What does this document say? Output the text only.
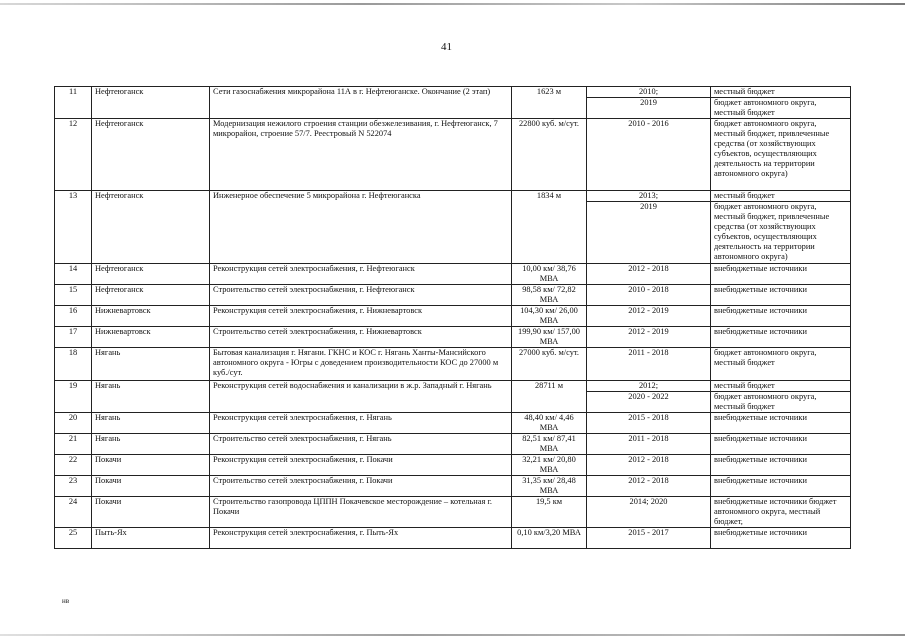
41
11	Нефтеюганск	Сети газоснабжения микрорайона 11А в г. Нефтеюганске. Окончание (2 этап)	1623 м	2010;	местный бюджет
				2019	бюджет автономного округа, местный бюджет
12	Нефтеюганск	Модернизация нежилого строения станции обезжелезивания, г. Нефтеюганск, 7 микрорайон, строение 57/7. Реестровый N 522074	22800 куб. м/сут.	2010 - 2016	бюджет автономного округа, местный бюджет, привлеченные средства (от хозяйствующих субъектов, осуществляющих деятельность на территории автономного округа)
13	Нефтеюганск	Инженерное обеспечение 5 микрорайона г. Нефтеюганска	1834 м	2013;	местный бюджет
				2019	бюджет автономного округа, местный бюджет, привлеченные средства (от хозяйствующих субъектов, осуществляющих деятельность на территории автономного округа)
14	Нефтеюганск	Реконструкция сетей электроснабжения, г. Нефтеюганск	10,00 км/ 38,76 МВА	2012 - 2018	внебюджетные источники
15	Нефтеюганск	Строительство сетей электроснабжения, г. Нефтеюганск	98,58 км/ 72,82 МВА	2010 - 2018	внебюджетные источники
16	Нижневартовск	Реконструкция сетей электроснабжения, г. Нижневартовск	104,30 км/ 26,00 МВА	2012 - 2019	внебюджетные источники
17	Нижневартовск	Строительство сетей электроснабжения, г. Нижневартовск	199,90 км/ 157,00 МВА	2012 - 2019	внебюджетные источники
18	Нягань	Бытовая канализация г. Нягани. ГКНС и КОС г. Нягань Ханты-Мансийского автономного округа - Югры с доведением производительности КОС до 27000 м куб./сут.	27000 куб. м/сут.	2011 - 2018	бюджет автономного округа, местный бюджет
19	Нягань	Реконструкция сетей водоснабжения и канализации в ж.р. Западный г. Нягань	28711 м	2012;	местный бюджет
				2020 - 2022	бюджет автономного округа, местный бюджет
20	Нягань	Реконструкция сетей электроснабжения, г. Нягань	48,40 км/ 4,46 МВА	2015 - 2018	внебюджетные источники
21	Нягань	Строительство сетей электроснабжения, г. Нягань	82,51 км/ 87,41 МВА	2011 - 2018	внебюджетные источники
22	Покачи	Реконструкция сетей электроснабжения, г. Покачи	32,21 км/ 20,80 МВА	2012 - 2018	внебюджетные источники
23	Покачи	Строительство сетей электроснабжения, г. Покачи	31,35 км/ 28,48 МВА	2012 - 2018	внебюджетные источники
24	Покачи	Строительство газопровода ЦППН Покачевское месторождение – котельная г. Покачи	19,5 км	2014; 2020	внебюджетные источники бюджет автономного округа, местный бюджет,
25	Пыть-Ях	Реконструкция сетей электроснабжения, г. Пыть-Ях	0,10 км/3,20 МВА	2015 - 2017	внебюджетные источники
нв
